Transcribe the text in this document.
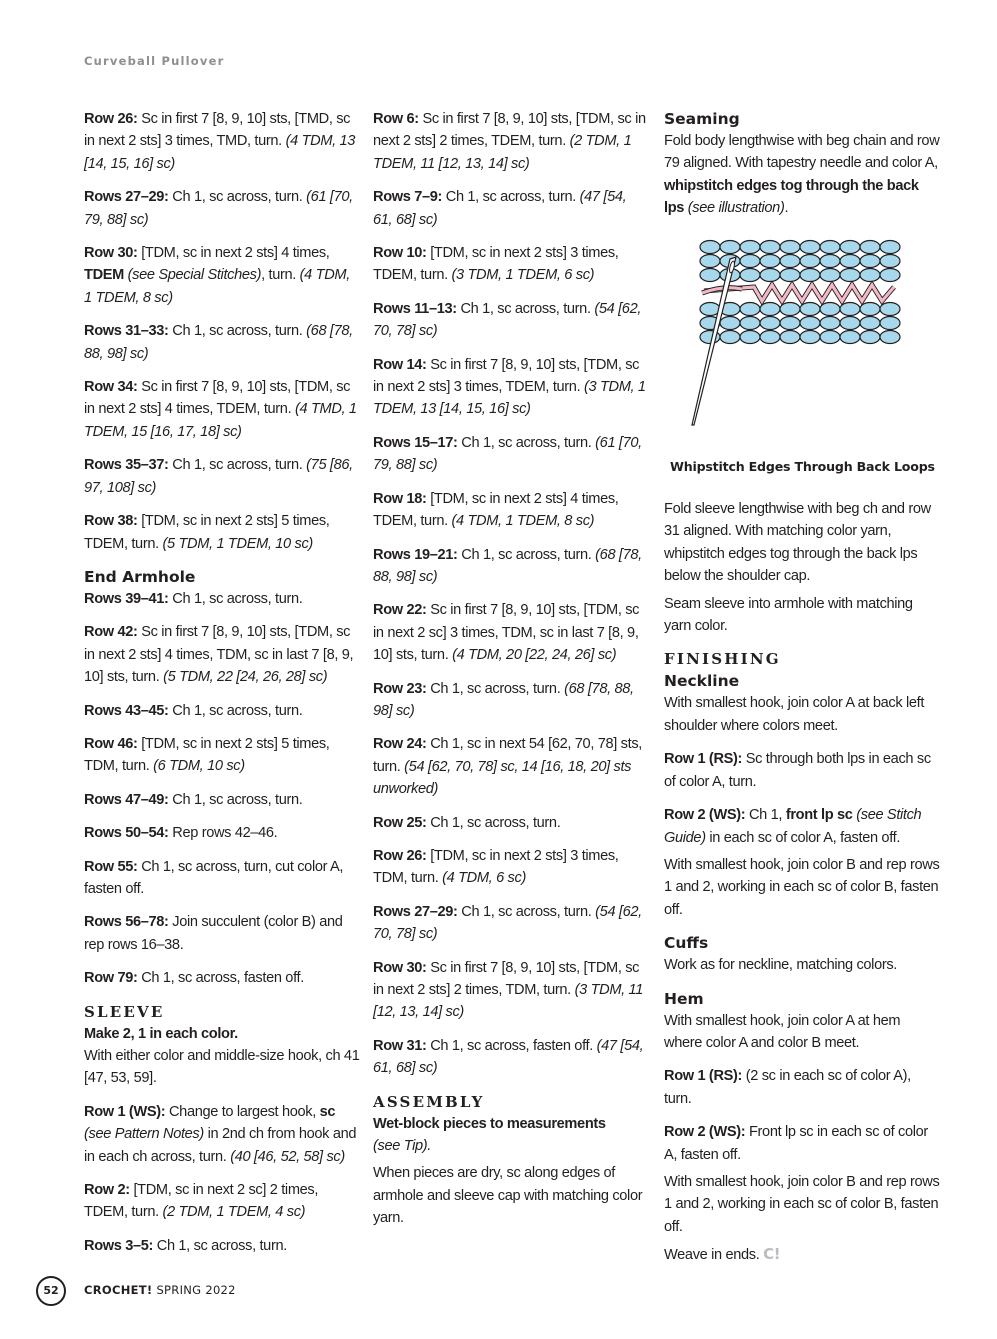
Curveball Pullover

Row 26: Sc in first 7 [8, 9, 10] sts, [TMD, sc in next 2 sts] 3 times, TMD, turn. (4 TDM, 13 [14, 15, 16] sc)

Rows 27–29: Ch 1, sc across, turn. (61 [70, 79, 88] sc)

Row 30: [TDM, sc in next 2 sts] 4 times, TDEM (see Special Stitches), turn. (4 TDM, 1 TDEM, 8 sc)

Rows 31–33: Ch 1, sc across, turn. (68 [78, 88, 98] sc)

Row 34: Sc in first 7 [8, 9, 10] sts, [TDM, sc in next 2 sts] 4 times, TDEM, turn. (4 TMD, 1 TDEM, 15 [16, 17, 18] sc)

Rows 35–37: Ch 1, sc across, turn. (75 [86, 97, 108] sc)

Row 38: [TDM, sc in next 2 sts] 5 times, TDEM, turn. (5 TDM, 1 TDEM, 10 sc)

End Armhole

Rows 39–41: Ch 1, sc across, turn.

Row 42: Sc in first 7 [8, 9, 10] sts, [TDM, sc in next 2 sts] 4 times, TDM, sc in last 7 [8, 9, 10] sts, turn. (5 TDM, 22 [24, 26, 28] sc)

Rows 43–45: Ch 1, sc across, turn.

Row 46: [TDM, sc in next 2 sts] 5 times, TDM, turn. (6 TDM, 10 sc)

Rows 47–49: Ch 1, sc across, turn.

Rows 50–54: Rep rows 42–46.

Row 55: Ch 1, sc across, turn, cut color A, fasten off.

Rows 56–78: Join succulent (color B) and rep rows 16–38.

Row 79: Ch 1, sc across, fasten off.

SLEEVE
Make 2, 1 in each color.

With either color and middle-size hook, ch 41 [47, 53, 59].

Row 1 (WS): Change to largest hook, sc (see Pattern Notes) in 2nd ch from hook and in each ch across, turn. (40 [46, 52, 58] sc)

Row 2: [TDM, sc in next 2 sc] 2 times, TDEM, turn. (2 TDM, 1 TDEM, 4 sc)

Rows 3–5: Ch 1, sc across, turn.

Row 6: Sc in first 7 [8, 9, 10] sts, [TDM, sc in next 2 sts] 2 times, TDEM, turn. (2 TDM, 1 TDEM, 11 [12, 13, 14] sc)

Rows 7–9: Ch 1, sc across, turn. (47 [54, 61, 68] sc)

Row 10: [TDM, sc in next 2 sts] 3 times, TDEM, turn. (3 TDM, 1 TDEM, 6 sc)

Rows 11–13: Ch 1, sc across, turn. (54 [62, 70, 78] sc)

Row 14: Sc in first 7 [8, 9, 10] sts, [TDM, sc in next 2 sts] 3 times, TDEM, turn. (3 TDM, 1 TDEM, 13 [14, 15, 16] sc)

Rows 15–17: Ch 1, sc across, turn. (61 [70, 79, 88] sc)

Row 18: [TDM, sc in next 2 sts] 4 times, TDEM, turn. (4 TDM, 1 TDEM, 8 sc)

Rows 19–21: Ch 1, sc across, turn. (68 [78, 88, 98] sc)

Row 22: Sc in first 7 [8, 9, 10] sts, [TDM, sc in next 2 sc] 3 times, TDM, sc in last 7 [8, 9, 10] sts, turn. (4 TDM, 20 [22, 24, 26] sc)

Row 23: Ch 1, sc across, turn. (68 [78, 88, 98] sc)

Row 24: Ch 1, sc in next 54 [62, 70, 78] sts, turn. (54 [62, 70, 78] sc, 14 [16, 18, 20] sts unworked)

Row 25: Ch 1, sc across, turn.

Row 26: [TDM, sc in next 2 sts] 3 times, TDM, turn. (4 TDM, 6 sc)

Rows 27–29: Ch 1, sc across, turn. (54 [62, 70, 78] sc)

Row 30: Sc in first 7 [8, 9, 10] sts, [TDM, sc in next 2 sts] 2 times, TDM, turn. (3 TDM, 11 [12, 13, 14] sc)

Row 31: Ch 1, sc across, fasten off. (47 [54, 61, 68] sc)

ASSEMBLY
Wet-block pieces to measurements

(see Tip).

When pieces are dry, sc along edges of armhole and sleeve cap with matching color yarn.

Seaming

Fold body lengthwise with beg chain and row 79 aligned. With tapestry needle and color A, whipstitch edges tog through the back lps (see illustration).

Whipstitch Edges Through Back Loops

Fold sleeve lengthwise with beg ch and row 31 aligned. With matching color yarn, whipstitch edges tog through the back lps below the shoulder cap.

Seam sleeve into armhole with matching yarn color.

FINISHING
Neckline

With smallest hook, join color A at back left shoulder where colors meet.

Row 1 (RS): Sc through both lps in each sc of color A, turn.

Row 2 (WS): Ch 1, front lp sc (see Stitch Guide) in each sc of color A, fasten off.

With smallest hook, join color B and rep rows 1 and 2, working in each sc of color B, fasten off.

Cuffs

Work as for neckline, matching colors.

Hem

With smallest hook, join color A at hem where color A and color B meet.

Row 1 (RS): (2 sc in each sc of color A), turn.

Row 2 (WS): Front lp sc in each sc of color A, fasten off.

With smallest hook, join color B and rep rows 1 and 2, working in each sc of color B, fasten off.

Weave in ends. C!

52	CROCHET! SPRING 2022
